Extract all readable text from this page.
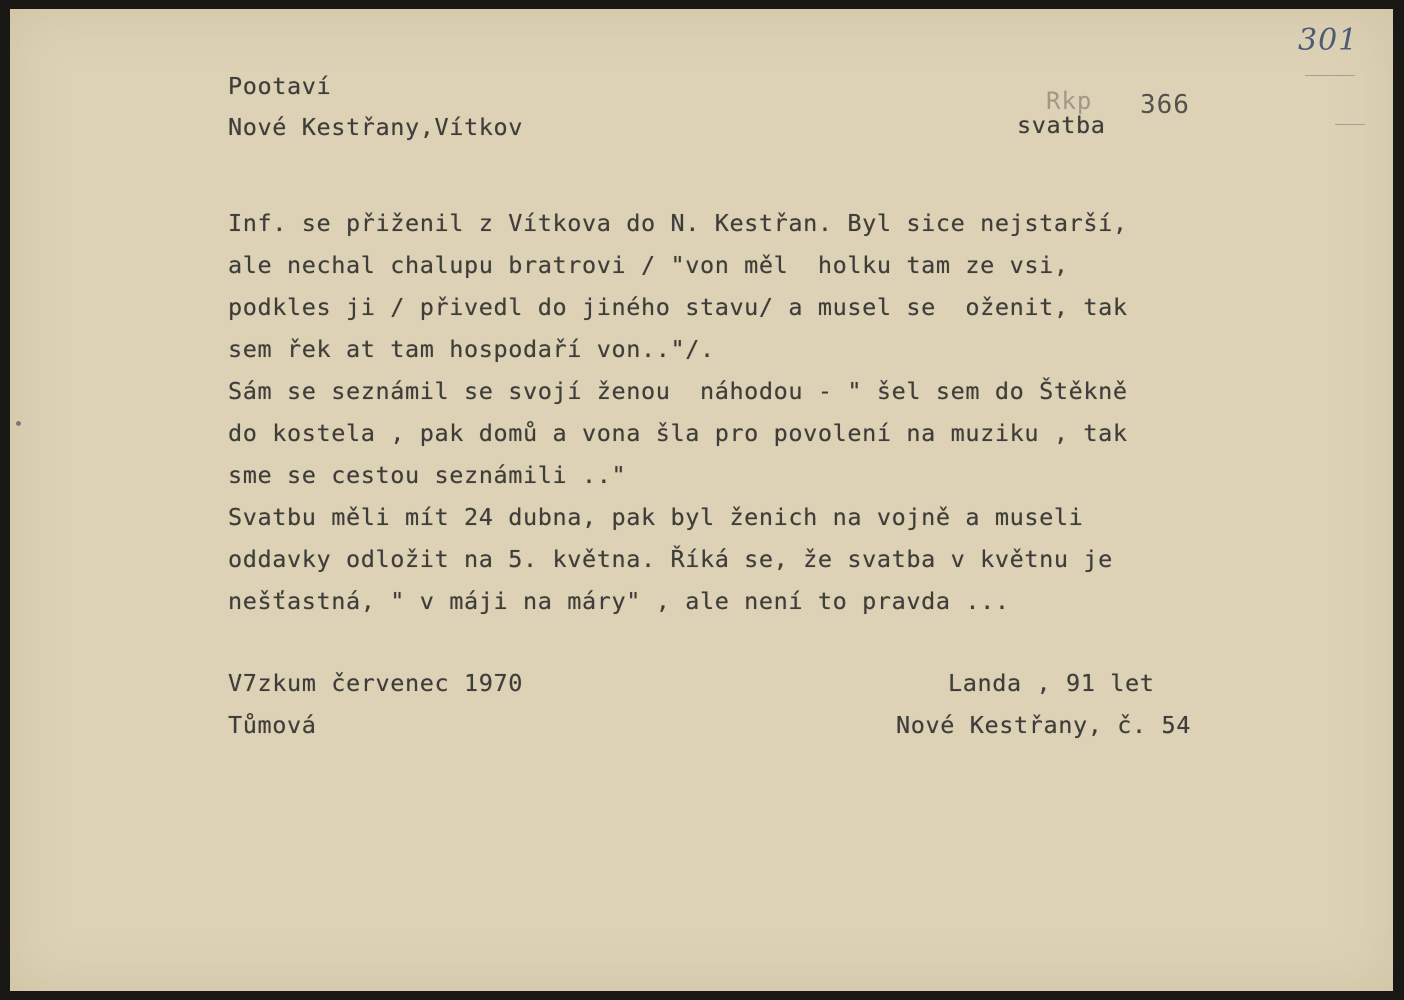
301
Pootaví
Nové Kestřany,Vítkov
Rkp 366
svatba
Inf. se přiženil z Vítkova do N. Kestřan. Byl sice nejstarší,
ale nechal chalupu bratrovi / "von měl  holku tam ze vsi,
podkles ji / přivedl do jiného stavu/ a musel se  oženit, tak
sem řek at tam hospodaří von.."/.
Sám se seznámil se svojí ženou  náhodou - " šel sem do Štěkně
do kostela , pak domů a vona šla pro povolení na muziku , tak
sme se cestou seznámili .."
Svatbu měli mít 24 dubna, pak byl ženich na vojně a museli
oddavky odložit na 5. května. Říká se, že svatba v květnu je
nešťastná, " v máji na máry" , ale není to pravda ...
V7zkum červenec 1970
Tůmová
Landa , 91 let
Nové Kestřany, č. 54
